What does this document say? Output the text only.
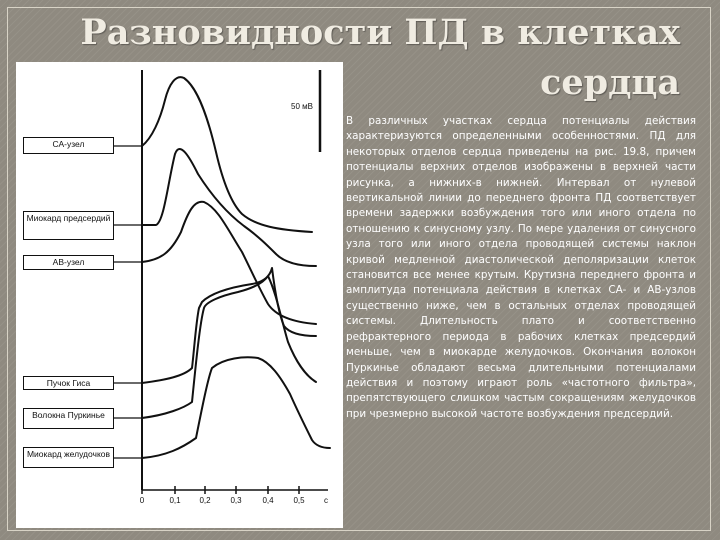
Разновидности ПД в клетках
сердца
50 мВ
СА-узел
Миокард предсердий
АВ-узел
Пучок Гиса
Волокна Пуркинье
Миокард желудочков
0	0,1	0,2	0,3	0,4	0,5	с

В различных участках сердца потенциалы действия характеризуются определенными особенностями. ПД для некоторых отделов сердца приведены на рис. 19.8, причем потенциалы верхних отделов изображены в верхней части рисунка, а нижних-в нижней. Интервал от нулевой вертикальной линии до переднего фронта ПД соответствует времени задержки возбуждения того или иного отдела по отношению к синусному узлу. По мере удаления от синусного узла того или иного отдела проводящей системы наклон кривой медленной диастолической деполяризации клеток становится все менее крутым. Крутизна переднего фронта и амплитуда потенциала действия в клетках СА- и АВ-узлов существенно ниже, чем в остальных отделах проводящей системы. Длительность плато и соответственно рефрактерного периода в рабочих клетках предсердий меньше, чем в миокарде желудочков. Окончания волокон Пуркинье обладают весьма длительными потенциалами действия и поэтому играют роль «частотного фильтра», препятствующего слишком частым сокращениям желудочков при чрезмерно высокой частоте возбуждения предсердий.
